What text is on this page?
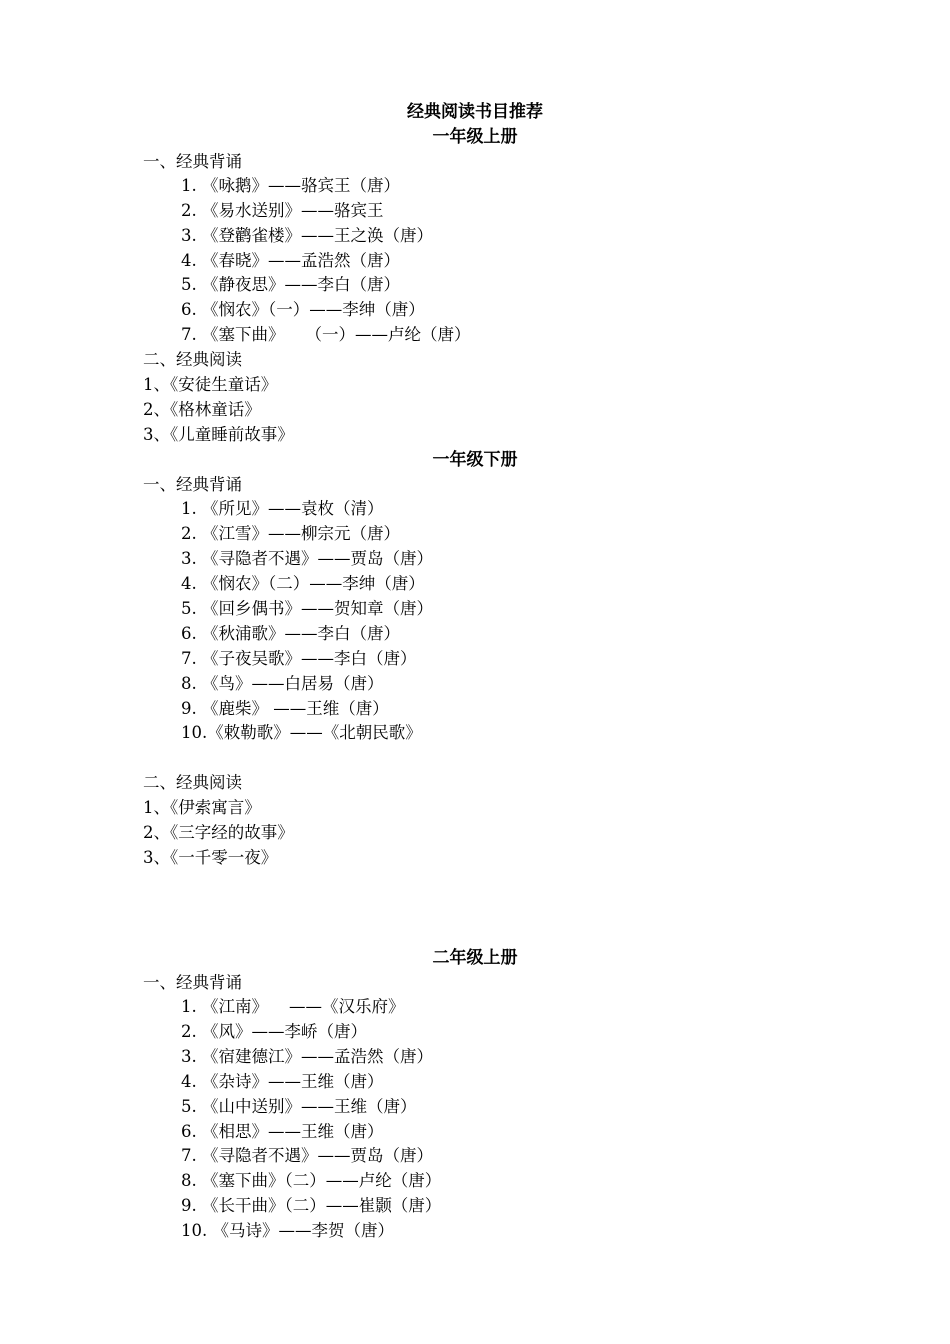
经典阅读书目推荐
一年级上册
一、经典背诵
1. 《咏鹅》——骆宾王（唐）
2. 《易水送别》——骆宾王
3. 《登鹳雀楼》——王之涣（唐）
4. 《春晓》——孟浩然（唐）
5. 《静夜思》——李白（唐）
6. 《悯农》（一）——李绅（唐）
7. 《塞下曲》    （一）——卢纶（唐）
二、经典阅读
1、《安徒生童话》
2、《格林童话》
3、《儿童睡前故事》
一年级下册
一、经典背诵
1. 《所见》——袁枚（清）
2. 《江雪》——柳宗元（唐）
3. 《寻隐者不遇》——贾岛（唐）
4. 《悯农》（二）——李绅（唐）
5. 《回乡偶书》——贺知章（唐）
6. 《秋浦歌》——李白（唐）
7. 《子夜吴歌》——李白（唐）
8. 《鸟》——白居易（唐）
9. 《鹿柴》 ——王维（唐）
10.《敕勒歌》——《北朝民歌》
二、经典阅读
1、《伊索寓言》
2、《三字经的故事》
3、《一千零一夜》
二年级上册
一、经典背诵
1. 《江南》    ——《汉乐府》
2. 《风》——李峤（唐）
3. 《宿建德江》——孟浩然（唐）
4. 《杂诗》——王维（唐）
5. 《山中送别》——王维（唐）
6. 《相思》——王维（唐）
7. 《寻隐者不遇》——贾岛（唐）
8. 《塞下曲》（二）——卢纶（唐）
9. 《长干曲》（二）——崔颢（唐）
10. 《马诗》——李贺（唐）
